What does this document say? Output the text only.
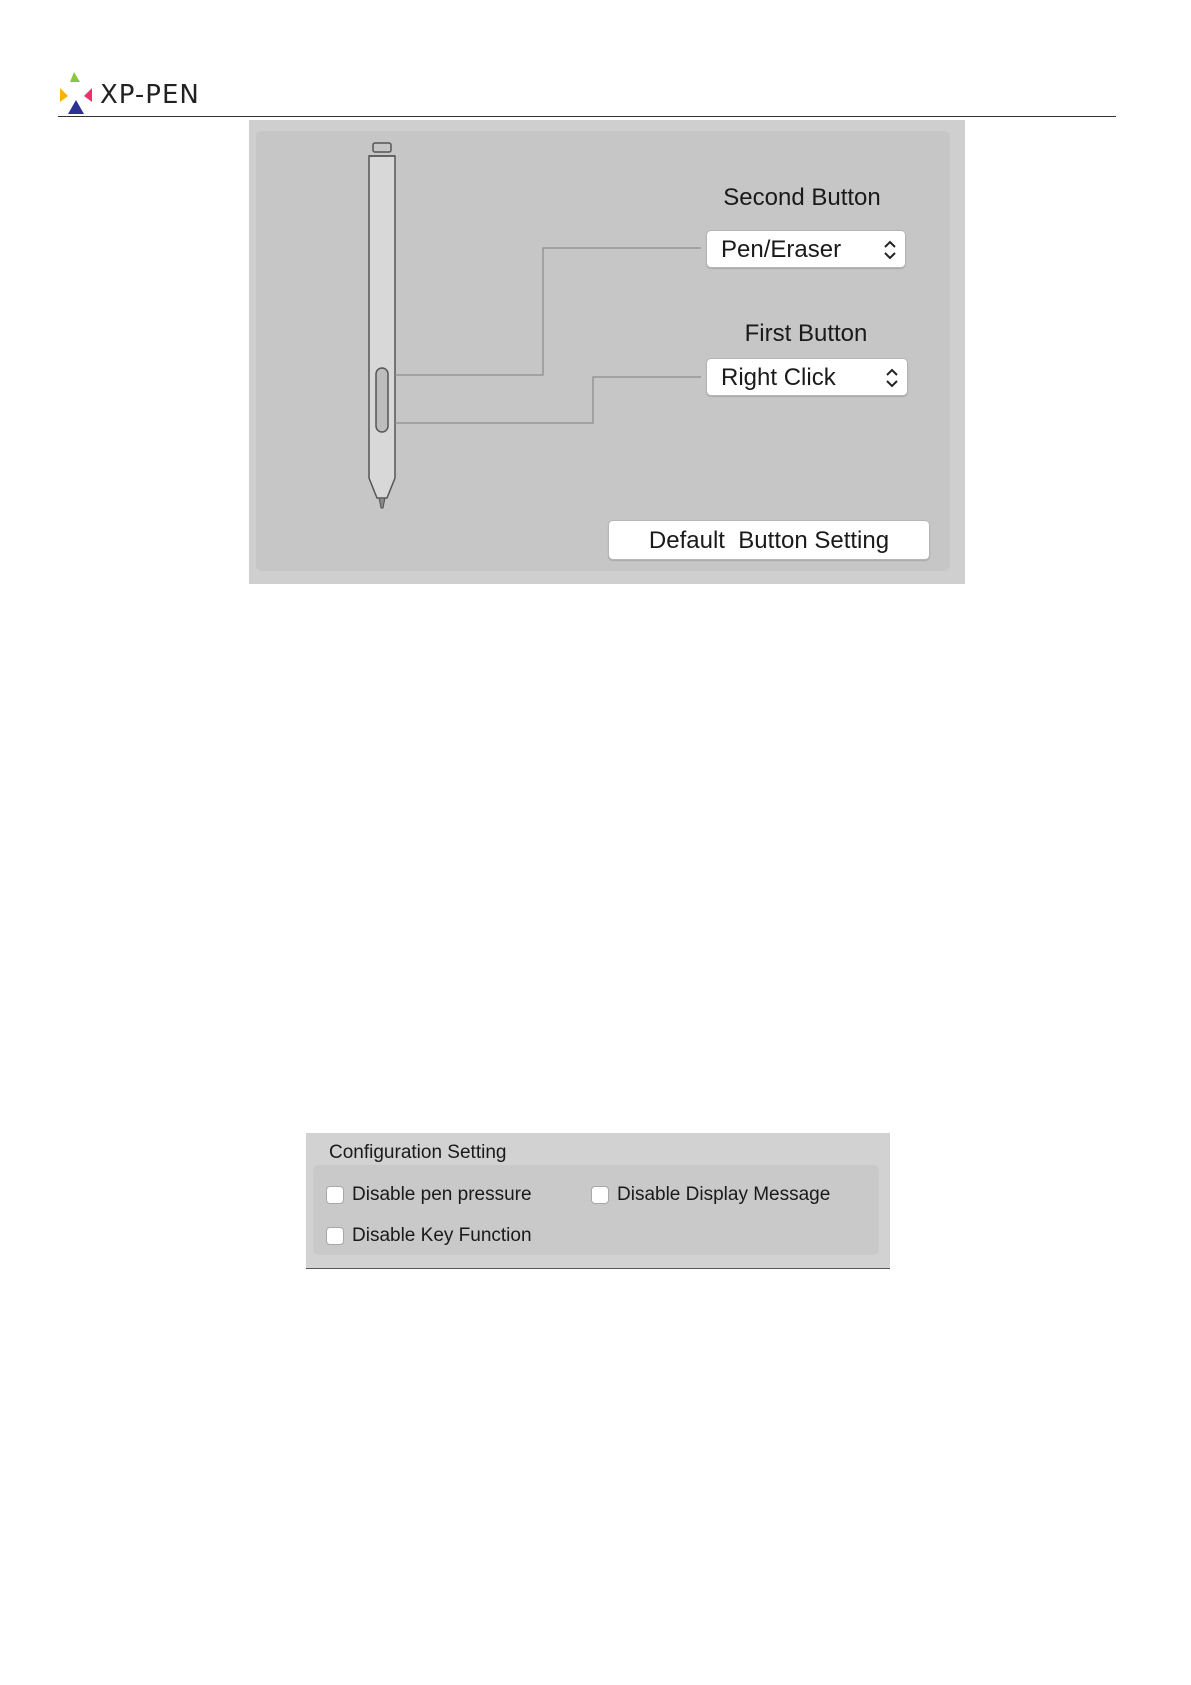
XP-PEN
Second Button
Pen/Eraser
First Button
Right Click
Default  Button Setting
Configuration Setting
Disable pen pressure	Disable Display Message
Disable Key Function
